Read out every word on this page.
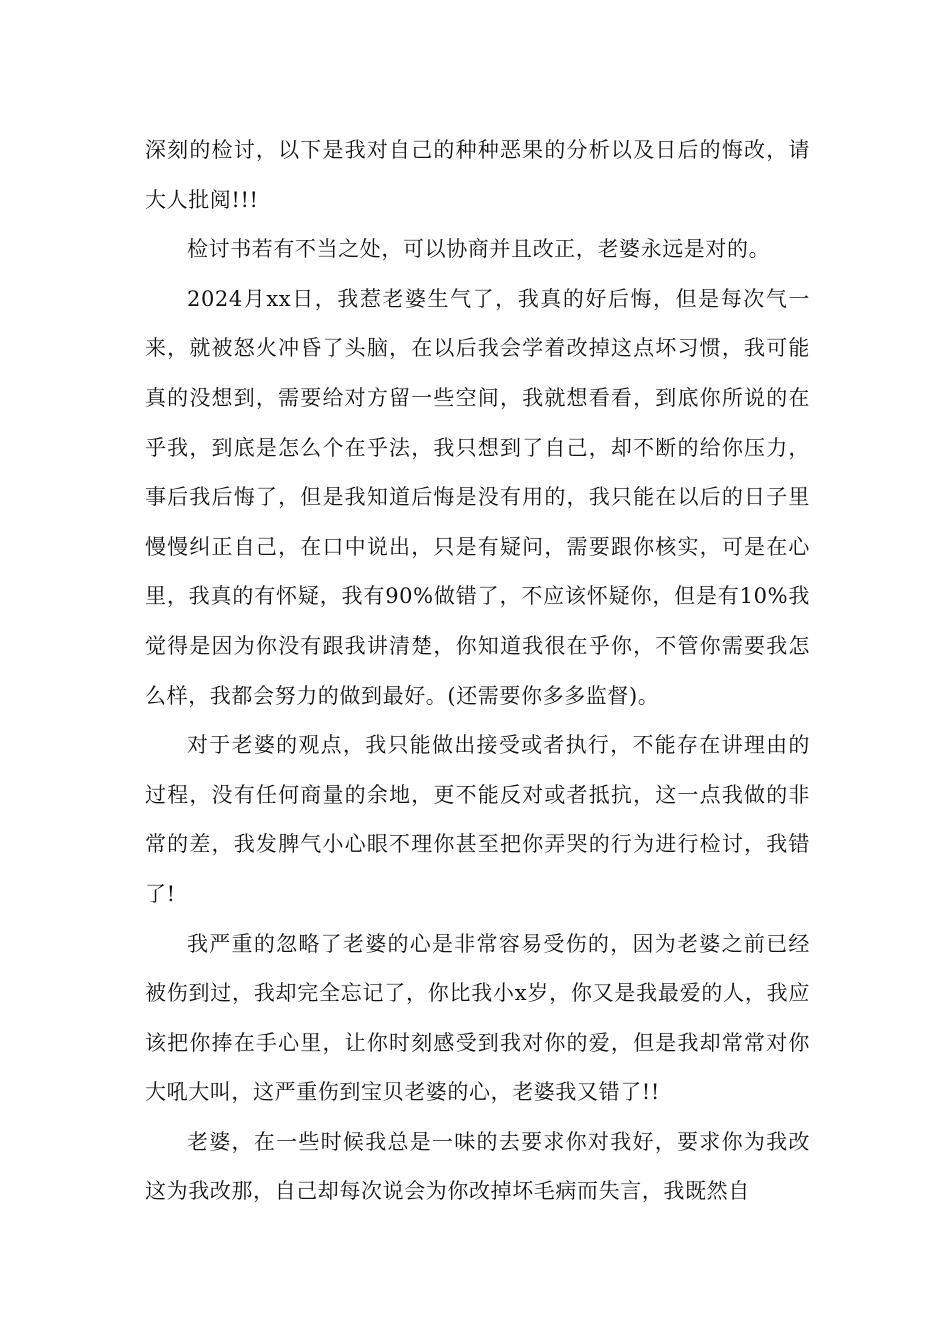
深刻的检讨，以下是我对自己的种种恶果的分析以及日后的悔改，请大人批阅!!!

检讨书若有不当之处，可以协商并且改正，老婆永远是对的。

2024月xx日，我惹老婆生气了，我真的好后悔，但是每次气一来，就被怒火冲昏了头脑，在以后我会学着改掉这点坏习惯，我可能真的没想到，需要给对方留一些空间，我就想看看，到底你所说的在乎我，到底是怎么个在乎法，我只想到了自己，却不断的给你压力，事后我后悔了，但是我知道后悔是没有用的，我只能在以后的日子里慢慢纠正自己，在口中说出，只是有疑问，需要跟你核实，可是在心里，我真的有怀疑，我有90%做错了，不应该怀疑你，但是有10%我觉得是因为你没有跟我讲清楚，你知道我很在乎你，不管你需要我怎么样，我都会努力的做到最好。(还需要你多多监督)。

对于老婆的观点，我只能做出接受或者执行，不能存在讲理由的过程，没有任何商量的余地，更不能反对或者抵抗，这一点我做的非常的差，我发脾气小心眼不理你甚至把你弄哭的行为进行检讨，我错了!

我严重的忽略了老婆的心是非常容易受伤的，因为老婆之前已经被伤到过，我却完全忘记了，你比我小x岁，你又是我最爱的人，我应该把你捧在手心里，让你时刻感受到我对你的爱，但是我却常常对你大吼大叫，这严重伤到宝贝老婆的心，老婆我又错了!!

老婆，在一些时候我总是一味的去要求你对我好，要求你为我改这为我改那，自己却每次说会为你改掉坏毛病而失言，我既然自
